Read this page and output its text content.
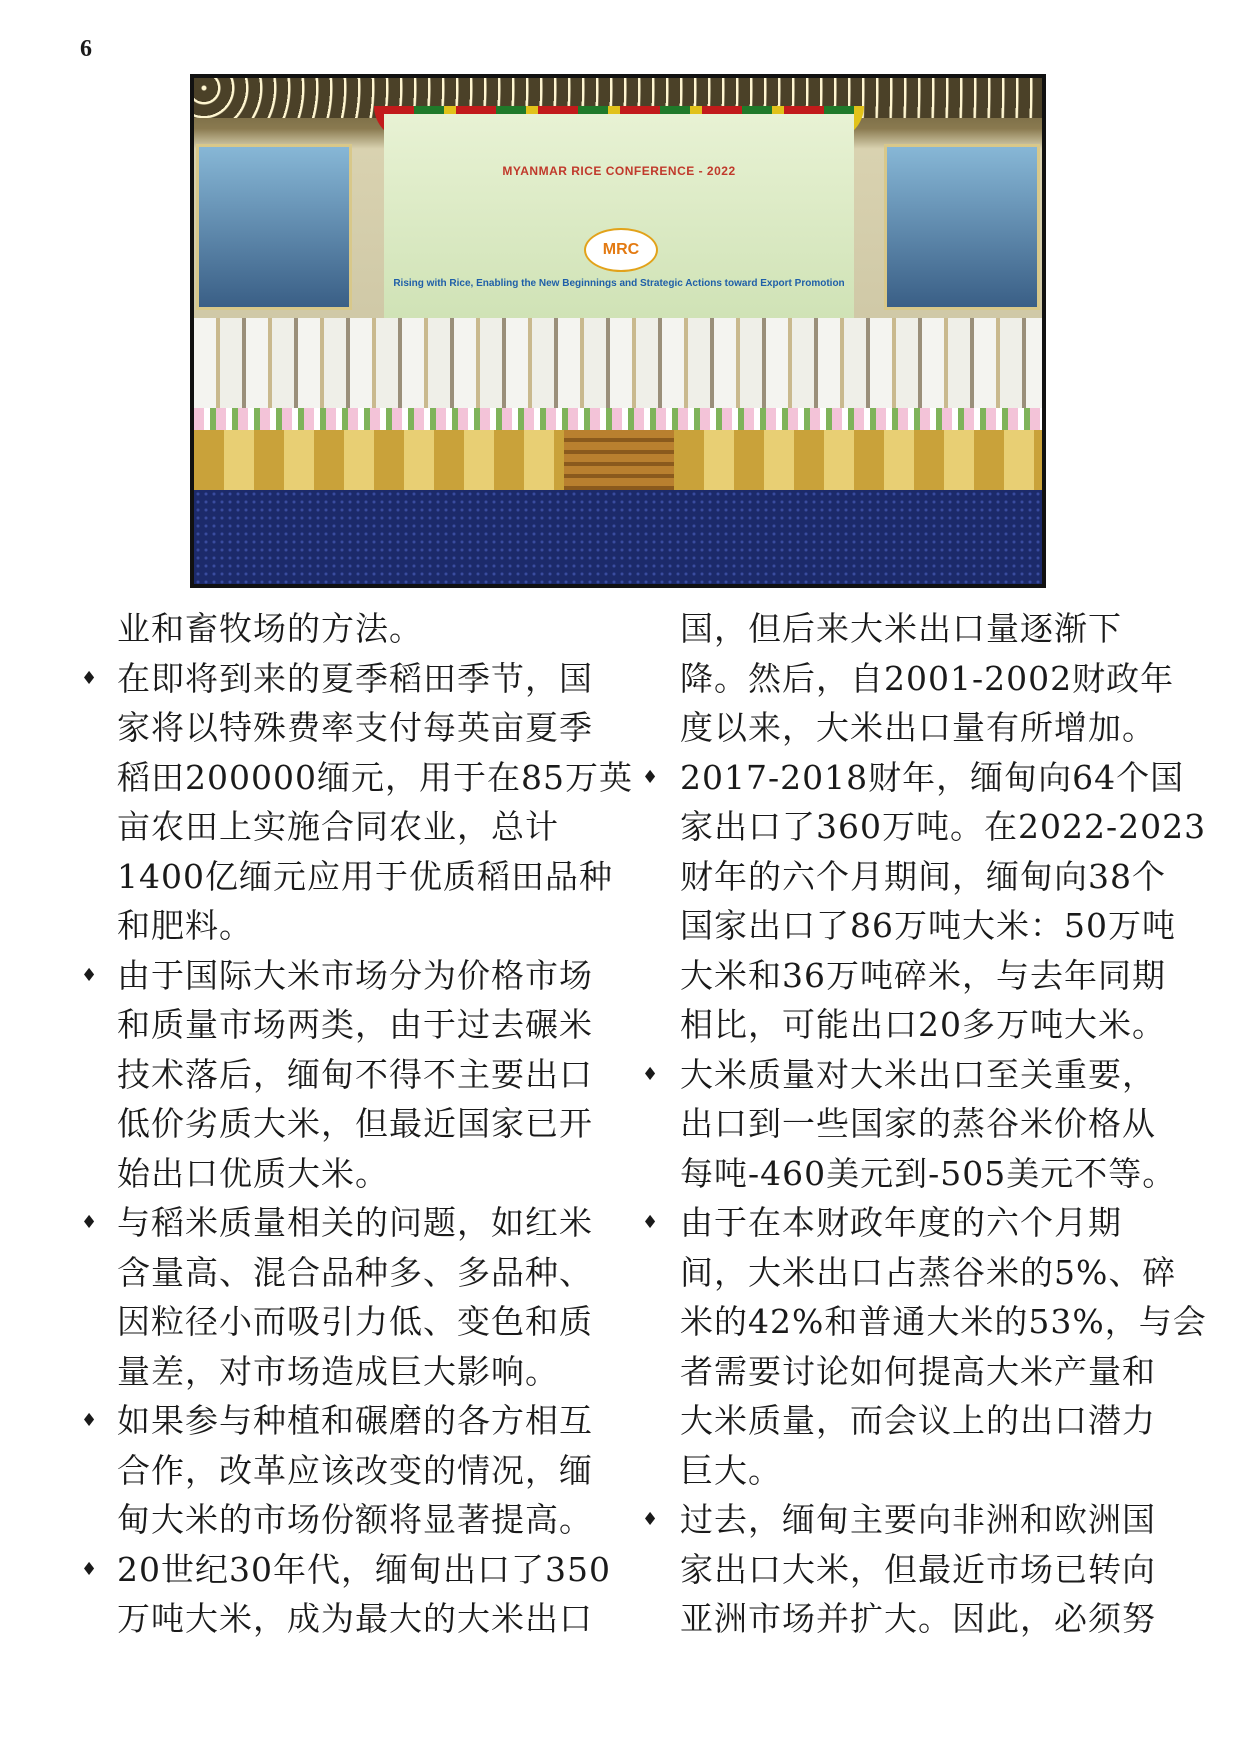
6
MYANMAR RICE CONFERENCE - 2022
MRC
Rising with Rice, Enabling the New Beginnings and Strategic Actions toward Export Promotion
业和畜牧场的方法。
♦ 在即将到来的夏季稻田季节，国
家将以特殊费率支付每英亩夏季
稻田200000缅元，用于在85万英
亩农田上实施合同农业，总计
1400亿缅元应用于优质稻田品种
和肥料。
♦ 由于国际大米市场分为价格市场
和质量市场两类，由于过去碾米
技术落后，缅甸不得不主要出口
低价劣质大米，但最近国家已开
始出口优质大米。
♦ 与稻米质量相关的问题，如红米
含量高、混合品种多、多品种、
因粒径小而吸引力低、变色和质
量差，对市场造成巨大影响。
♦ 如果参与种植和碾磨的各方相互
合作，改革应该改变的情况，缅
甸大米的市场份额将显著提高。
♦ 20世纪30年代，缅甸出口了350
万吨大米，成为最大的大米出口
国，但后来大米出口量逐渐下
降。然后，自2001-2002财政年
度以来，大米出口量有所增加。
♦ 2017-2018财年，缅甸向64个国
家出口了360万吨。在2022-2023
财年的六个月期间，缅甸向38个
国家出口了86万吨大米：50万吨
大米和36万吨碎米，与去年同期
相比，可能出口20多万吨大米。
♦ 大米质量对大米出口至关重要，
出口到一些国家的蒸谷米价格从
每吨-460美元到-505美元不等。
♦ 由于在本财政年度的六个月期
间，大米出口占蒸谷米的5%、碎
米的42%和普通大米的53%，与会
者需要讨论如何提高大米产量和
大米质量，而会议上的出口潜力
巨大。
♦ 过去，缅甸主要向非洲和欧洲国
家出口大米，但最近市场已转向
亚洲市场并扩大。因此，必须努
